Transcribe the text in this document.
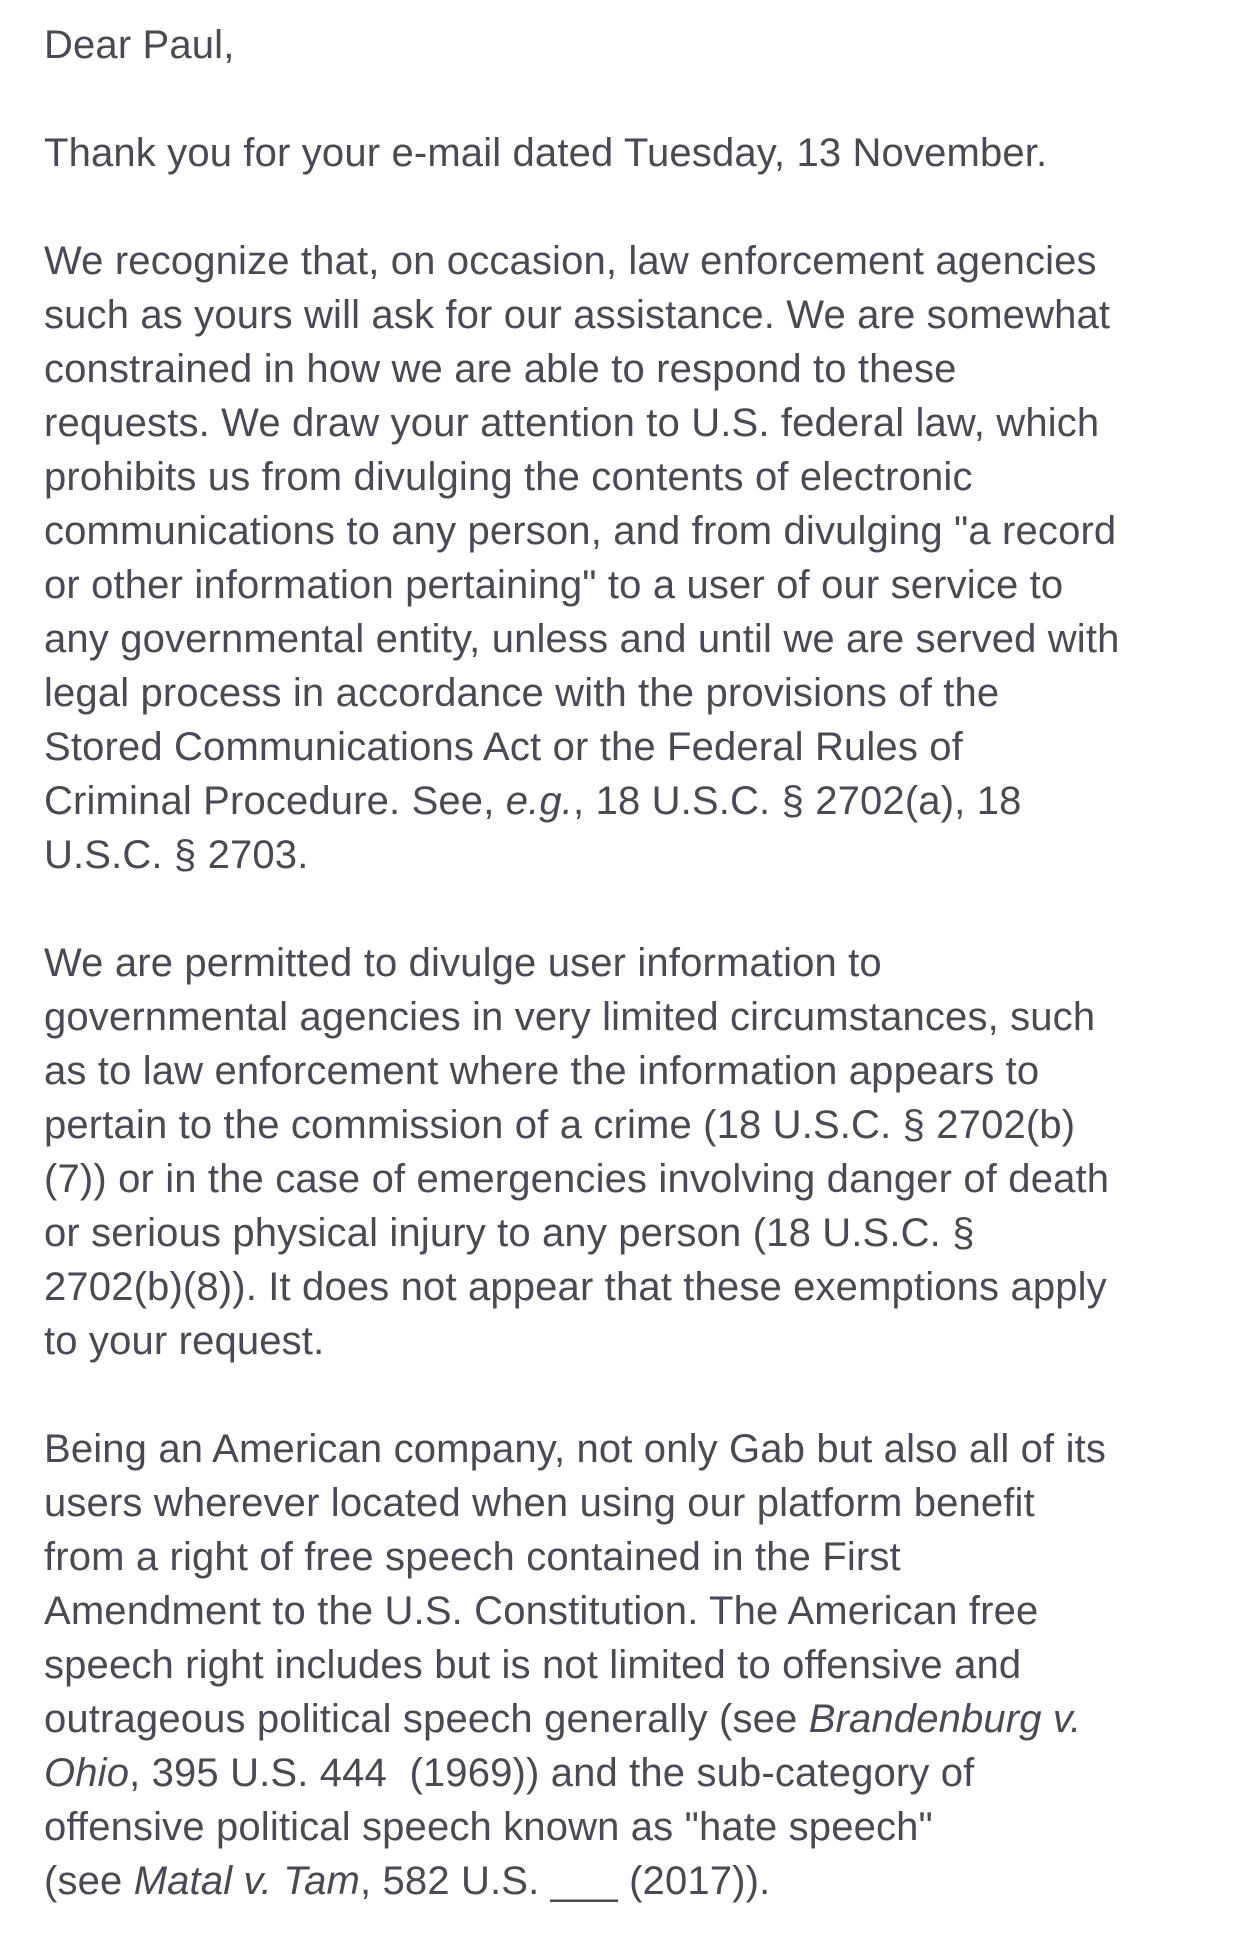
Dear Paul,
Thank you for your e-mail dated Tuesday, 13 November.
We recognize that, on occasion, law enforcement agencies
such as yours will ask for our assistance. We are somewhat
constrained in how we are able to respond to these
requests. We draw your attention to U.S. federal law, which
prohibits us from divulging the contents of electronic
communications to any person, and from divulging "a record
or other information pertaining" to a user of our service to
any governmental entity, unless and until we are served with
legal process in accordance with the provisions of the
Stored Communications Act or the Federal Rules of
Criminal Procedure. See, e.g., 18 U.S.C. § 2702(a), 18
U.S.C. § 2703.
We are permitted to divulge user information to
governmental agencies in very limited circumstances, such
as to law enforcement where the information appears to
pertain to the commission of a crime (18 U.S.C. § 2702(b)
(7)) or in the case of emergencies involving danger of death
or serious physical injury to any person (18 U.S.C. §
2702(b)(8)). It does not appear that these exemptions apply
to your request.
Being an American company, not only Gab but also all of its
users wherever located when using our platform benefit
from a right of free speech contained in the First
Amendment to the U.S. Constitution. The American free
speech right includes but is not limited to offensive and
outrageous political speech generally (see Brandenburg v.
Ohio, 395 U.S. 444  (1969)) and the sub-category of
offensive political speech known as "hate speech"
(see Matal v. Tam, 582 U.S. ___ (2017)).
